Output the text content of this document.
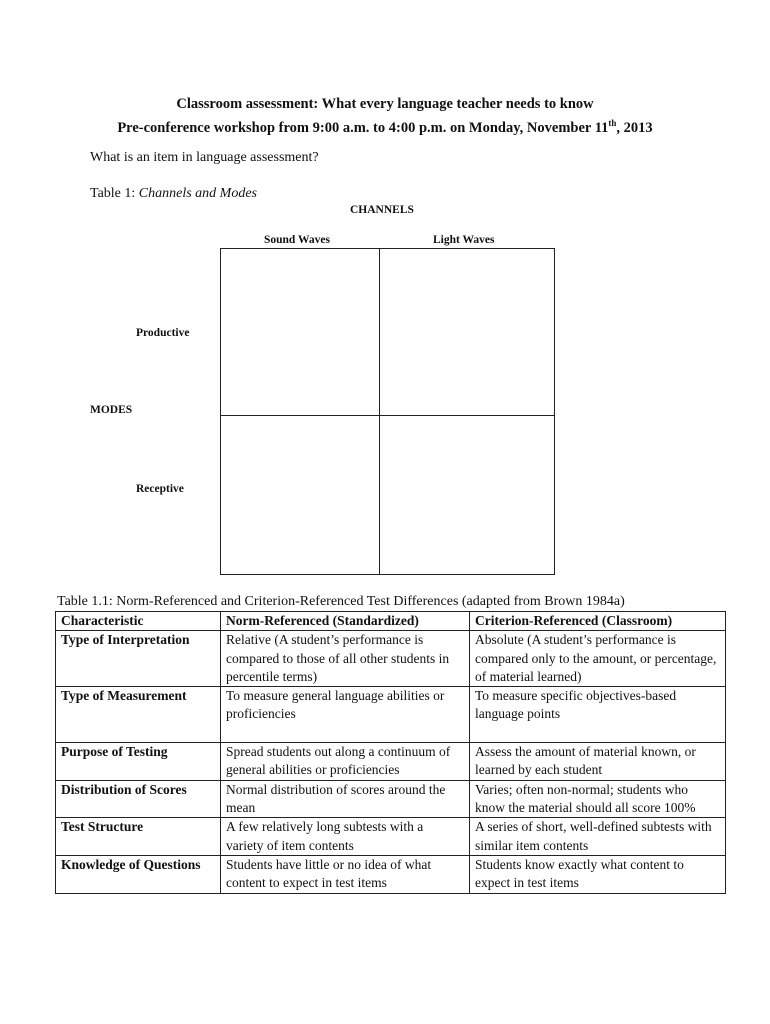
Classroom assessment: What every language teacher needs to know
Pre-conference workshop from 9:00 a.m. to 4:00 p.m. on Monday, November 11th, 2013
What is an item in language assessment?
Table 1: Channels and Modes
CHANNELS
Sound Waves	Light Waves
Productive
MODES
Receptive
Table 1.1: Norm-Referenced and Criterion-Referenced Test Differences (adapted from Brown 1984a)
Characteristic	Norm-Referenced (Standardized)	Criterion-Referenced (Classroom)
Type of Interpretation	Relative (A student’s performance is compared to those of all other students in percentile terms)	Absolute (A student’s performance is compared only to the amount, or percentage, of material learned)
Type of Measurement	To measure general language abilities or proficiencies	To measure specific objectives-based language points
Purpose of Testing	Spread students out along a continuum of general abilities or proficiencies	Assess the amount of material known, or learned by each student
Distribution of Scores	Normal distribution of scores around the mean	Varies; often non-normal; students who know the material should all score 100%
Test Structure	A few relatively long subtests with a variety of item contents	A series of short, well-defined subtests with similar item contents
Knowledge of Questions	Students have little or no idea of what content to expect in test items	Students know exactly what content to expect in test items
